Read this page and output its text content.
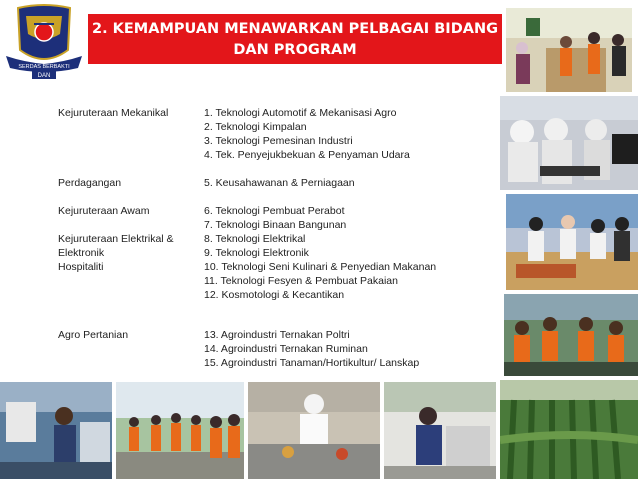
SERDAS BERBAKTI
DAN
2. KEMAMPUAN MENAWARKAN PELBAGAI BIDANG
DAN PROGRAM
Kejuruteraan Mekanikal
Perdagangan
Kejuruteraan Awam
Kejuruteraan Elektrikal &
Elektronik
Hospitaliti
Agro Pertanian
1. Teknologi Automotif & Mekanisasi Agro
2. Teknologi Kimpalan
3. Teknologi Pemesinan Industri
4. Tek. Penyejukbekuan & Penyaman Udara
5. Keusahawanan & Perniagaan
6. Teknologi Pembuat Perabot
7. Teknologi Binaan Bangunan
8. Teknologi Elektrikal
9. Teknologi Elektronik
10. Teknologi Seni Kulinari & Penyedian Makanan
11. Teknologi Fesyen & Pembuat Pakaian
12. Kosmotologi & Kecantikan
13. Agroindustri Ternakan Poltri
14. Agroindustri Ternakan Ruminan
15. Agroindustri Tanaman/Hortikultur/ Lanskap
